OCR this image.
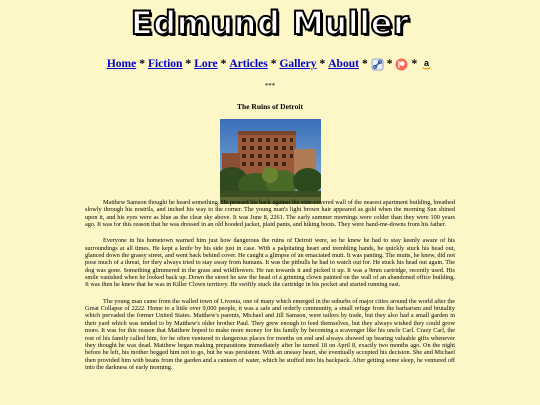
Edmund Muller
Home * Fiction * Lore * Articles * Gallery * About * * * a
***
The Ruins of Detroit

Matthew Samson thought he heard something. He pressed his back against the vine-covered wall of the nearest apartment building, breathed slowly through his nostrils, and inched his way to the corner. The young man's light brown hair appeared as gold when the morning Sun shined upon it, and his eyes were as blue as the clear sky above. It was June 8, 2261. The early summer mornings were colder than they were 100 years ago. It was for this reason that he was dressed in an old hooded jacket, plaid pants, and hiking boots. They were hand-me-downs from his father.

Everyone in his hometown warned him just how dangerous the ruins of Detroit were, so he knew he had to stay keenly aware of his surroundings at all times. He kept a knife by his side just in case. With a palpitating heart and trembling hands, he quickly stuck his head out, glanced down the grassy street, and went back behind cover. He caught a glimpse of an emaciated mutt. It was panting. The mutts, he knew, did not pose much of a threat, for they always tried to stay away from humans. It was the pitbulls he had to watch out for. He stuck his head out again. The dog was gone. Something glimmered in the grass and wildflowers. He ran towards it and picked it up. It was a 9mm cartridge, recently used. His smile vanished when he looked back up. Down the street he saw the head of a grinning clown painted on the wall of an abandoned office building. It was then he knew that he was in Killer Clown territory. He swiftly stuck the cartridge in his pocket and started running east.

The young man came from the walled town of Livonia, one of many which emerged in the suburbs of major cities around the world after the Great Collapse of 2222. Home to a little over 9,000 people, it was a safe and orderly community, a small refuge from the barbarism and brutality which pervaded the former United States. Matthew's parents, Michael and Jill Samson, were tailors by trade, but they also had a small garden in their yard which was tended to by Matthew's older brother Paul. They grew enough to feed themselves, but they always wished they could grow more. It was for this reason that Matthew hoped to make more money for his family by becoming a scavenger like his uncle Carl. Crazy Carl, the rest of his family called him, for he often ventured to dangerous places for months on end and always showed up bearing valuable gifts whenever they thought he was dead. Matthew began making preparations immediately after he turned 18 on April 8, exactly two months ago. On the night before he left, his mother begged him not to go, but he was persistent. With an uneasy heart, she eventually accepted his decision. She and Michael then provided him with beans from the garden and a canteen of water, which he stuffed into his backpack. After getting some sleep, he ventured off into the darkness of early morning.
